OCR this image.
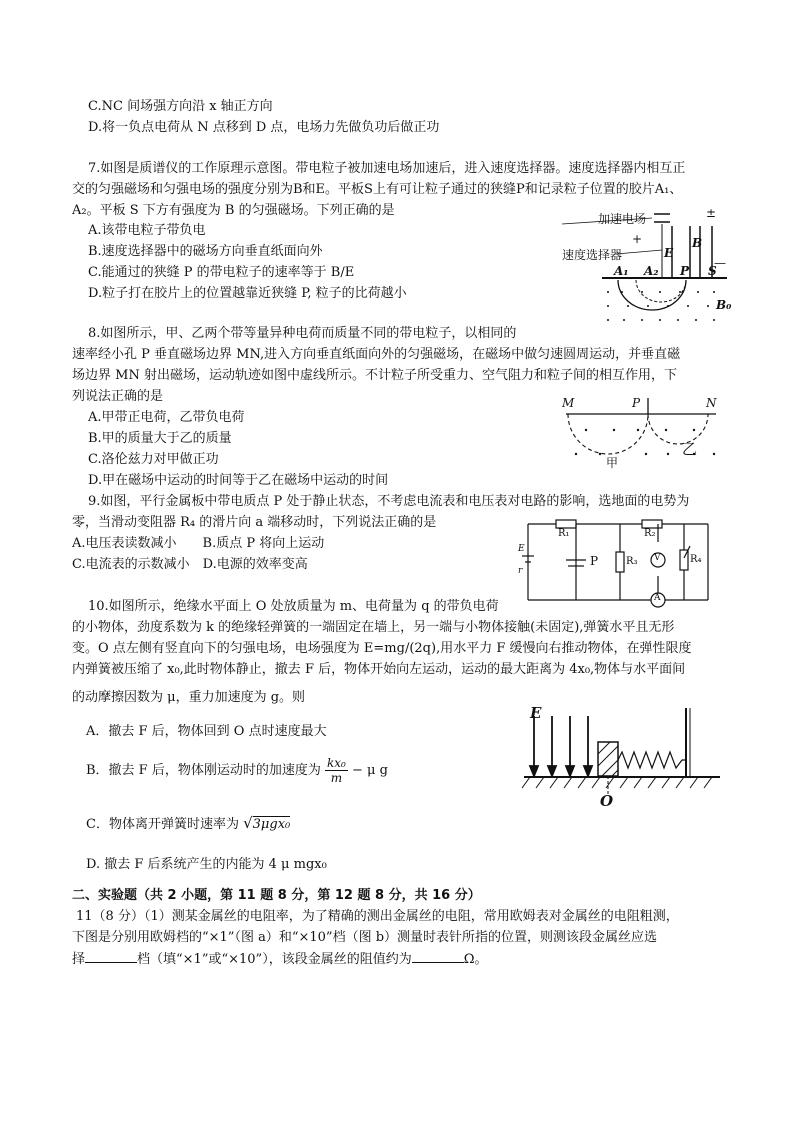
C.NC 间场强方向沿 x 轴正方向
D.将一负点电荷从 N 点移到 D 点，电场力先做负功后做正功
7.如图是质谱仪的工作原理示意图。带电粒子被加速电场加速后，进入速度选择器。速度选择器内相互正
交的匀强磁场和匀强电场的强度分别为B和E。平板S上有可让粒子通过的狭缝P和记录粒子位置的胶片A₁、
A₂。平板 S 下方有强度为 B 的匀强磁场。下列正确的是
A.该带电粒子带负电
B.速度选择器中的磁场方向垂直纸面向外
C.能通过的狭缝 P 的带电粒子的速率等于 B/E
D.粒子打在胶片上的位置越靠近狭缝 P, 粒子的比荷越小
加速电场
速度选择器
±
+
—
E
B
A₁ A₂ P S
B₀
8.如图所示，甲、乙两个带等量异种电荷而质量不同的带电粒子，以相同的
速率经小孔 P 垂直磁场边界 MN,进入方向垂直纸面向外的匀强磁场，在磁场中做匀速圆周运动，并垂直磁
场边界 MN 射出磁场，运动轨迹如图中虚线所示。不计粒子所受重力、空气阻力和粒子间的相互作用，下
列说法正确的是
A.甲带正电荷，乙带负电荷
B.甲的质量大于乙的质量
C.洛伦兹力对甲做正功
D.甲在磁场中运动的时间等于乙在磁场中运动的时间
M	P	N
甲
乙
9.如图，平行金属板中带电质点 P 处于静止状态，不考虑电流表和电压表对电路的影响，选地面的电势为
零，当滑动变阻器 R₄ 的滑片向 a 端移动时，下列说法正确的是
A.电压表读数减小　　B.质点 P 将向上运动
C.电流表的示数减小　D.电源的效率变高
R₁	R₂
R₃	R₄
E
r
P	V
A
10.如图所示，绝缘水平面上 O 处放质量为 m、电荷量为 q 的带负电荷
的小物体，劲度系数为 k 的绝缘轻弹簧的一端固定在墙上，另一端与小物体接触(未固定),弹簧水平且无形
变。O 点左侧有竖直向下的匀强电场，电场强度为 E=mg/(2q),用水平力 F 缓慢向右推动物体，在弹性限度
内弹簧被压缩了 x₀,此时物体静止，撤去 F 后，物体开始向左运动，运动的最大距离为 4x₀,物体与水平面间
的动摩擦因数为 μ，重力加速度为 g。则
A．撤去 F 后，物体回到 O 点时速度最大
B．撤去 F 后，物体刚运动时的加速度为 $\frac{\text{kx₀}}{m} - \mu$ g
C．物体离开弹簧时速率为 √3μgx₀
D. 撤去 F 后系统产生的内能为 4 μ mgx₀
E
O
二、实验题（共 2 小题，第 11 题 8 分，第 12 题 8 分，共 16 分）
11（8 分）（1）测某金属丝的电阻率，为了精确的测出金属丝的电阻，常用欧姆表对金属丝的电阻粗测，
下图是分别用欧姆档的“×1”（图 a）和“×10”档（图 b）测量时表针所指的位置，则测该段金属丝应选
择	档（填“×1”或“×10”），该段金属丝的阻值约为	Ω。
